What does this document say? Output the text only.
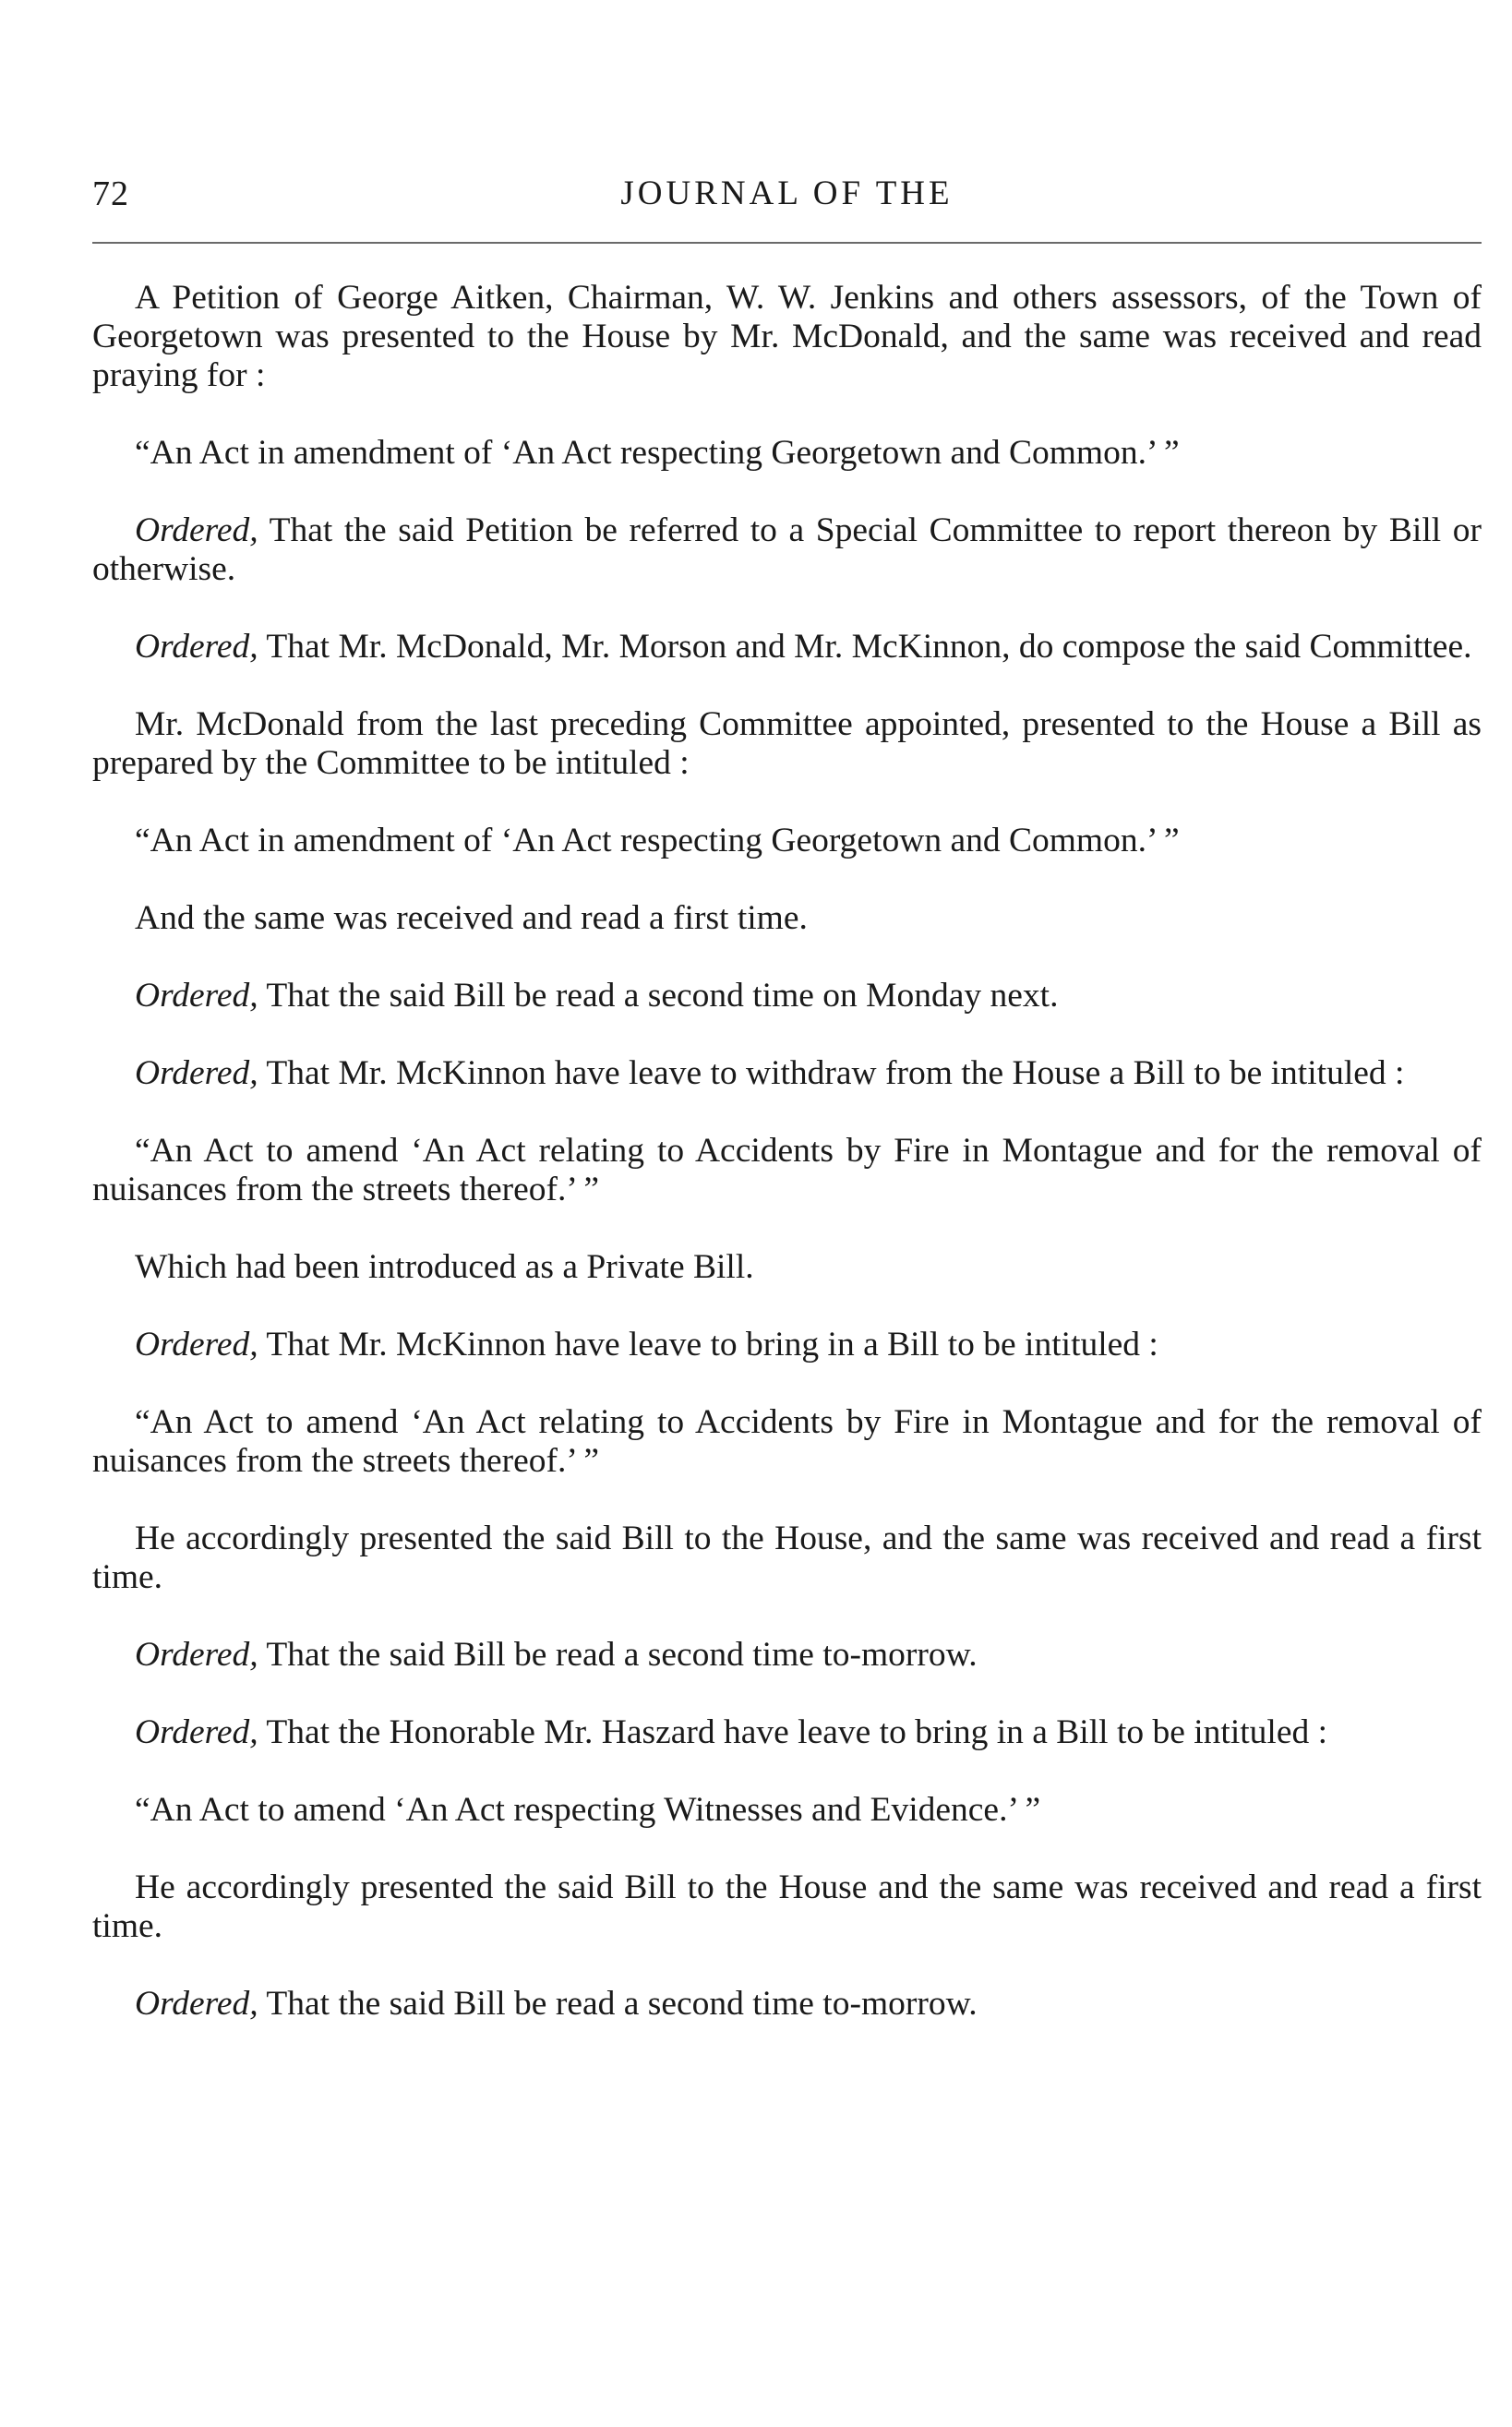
72	JOURNAL OF THE

A Petition of George Aitken, Chairman, W. W. Jenkins and others assessors, of the Town of Georgetown was presented to the House by Mr. McDonald, and the same was received and read praying for :

“An Act in amendment of ‘An Act respecting Georgetown and Common.’ ”

Ordered, That the said Petition be referred to a Special Committee to report thereon by Bill or otherwise.

Ordered, That Mr. McDonald, Mr. Morson and Mr. McKinnon, do compose the said Committee.

Mr. McDonald from the last preceding Committee appointed, presented to the House a Bill as prepared by the Committee to be intituled :

“An Act in amendment of ‘An Act respecting Georgetown and Common.’ ”

And the same was received and read a first time.

Ordered, That the said Bill be read a second time on Monday next.

Ordered, That Mr. McKinnon have leave to withdraw from the House a Bill to be intituled :

“An Act to amend ‘An Act relating to Accidents by Fire in Montague and for the removal of nuisances from the streets thereof.’ ”

Which had been introduced as a Private Bill.

Ordered, That Mr. McKinnon have leave to bring in a Bill to be intituled :

“An Act to amend ‘An Act relating to Accidents by Fire in Montague and for the removal of nuisances from the streets thereof.’ ”

He accordingly presented the said Bill to the House, and the same was received and read a first time.

Ordered, That the said Bill be read a second time to-morrow.

Ordered, That the Honorable Mr. Haszard have leave to bring in a Bill to be intituled :

“An Act to amend ‘An Act respecting Witnesses and Evidence.’ ”

He accordingly presented the said Bill to the House and the same was received and read a first time.

Ordered, That the said Bill be read a second time to-morrow.
